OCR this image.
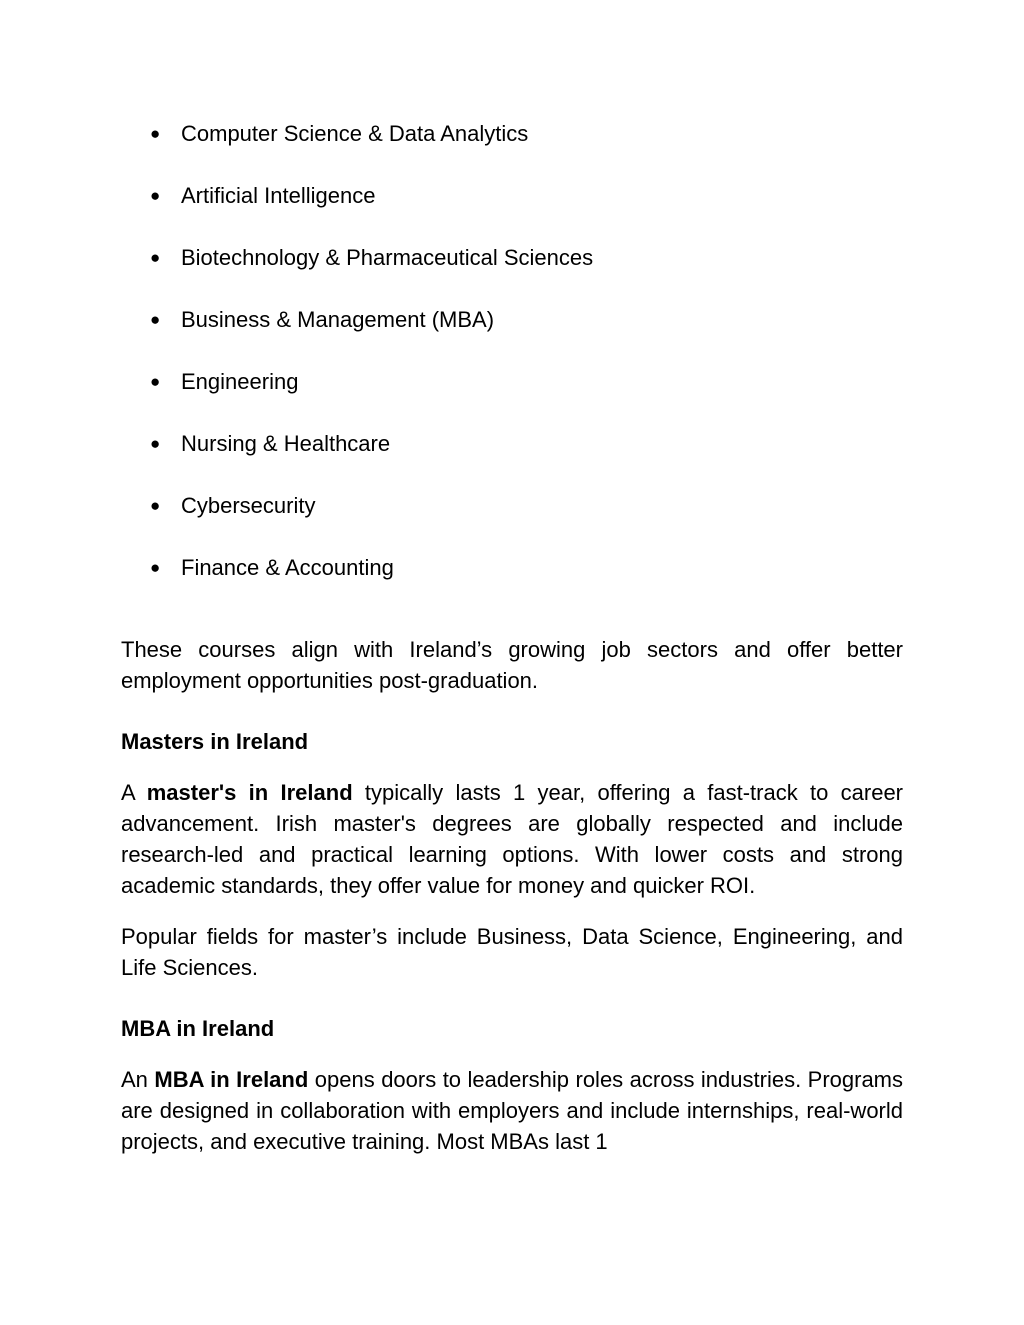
● Computer Science & Data Analytics
● Artificial Intelligence
● Biotechnology & Pharmaceutical Sciences
● Business & Management (MBA)
● Engineering
● Nursing & Healthcare
● Cybersecurity
● Finance & Accounting

These courses align with Ireland’s growing job sectors and offer better employment opportunities post-graduation.

Masters in Ireland

A master's in Ireland typically lasts 1 year, offering a fast-track to career advancement. Irish master's degrees are globally respected and include research-led and practical learning options. With lower costs and strong academic standards, they offer value for money and quicker ROI.

Popular fields for master’s include Business, Data Science, Engineering, and Life Sciences.

MBA in Ireland

An MBA in Ireland opens doors to leadership roles across industries. Programs are designed in collaboration with employers and include internships, real-world projects, and executive training. Most MBAs last 1
